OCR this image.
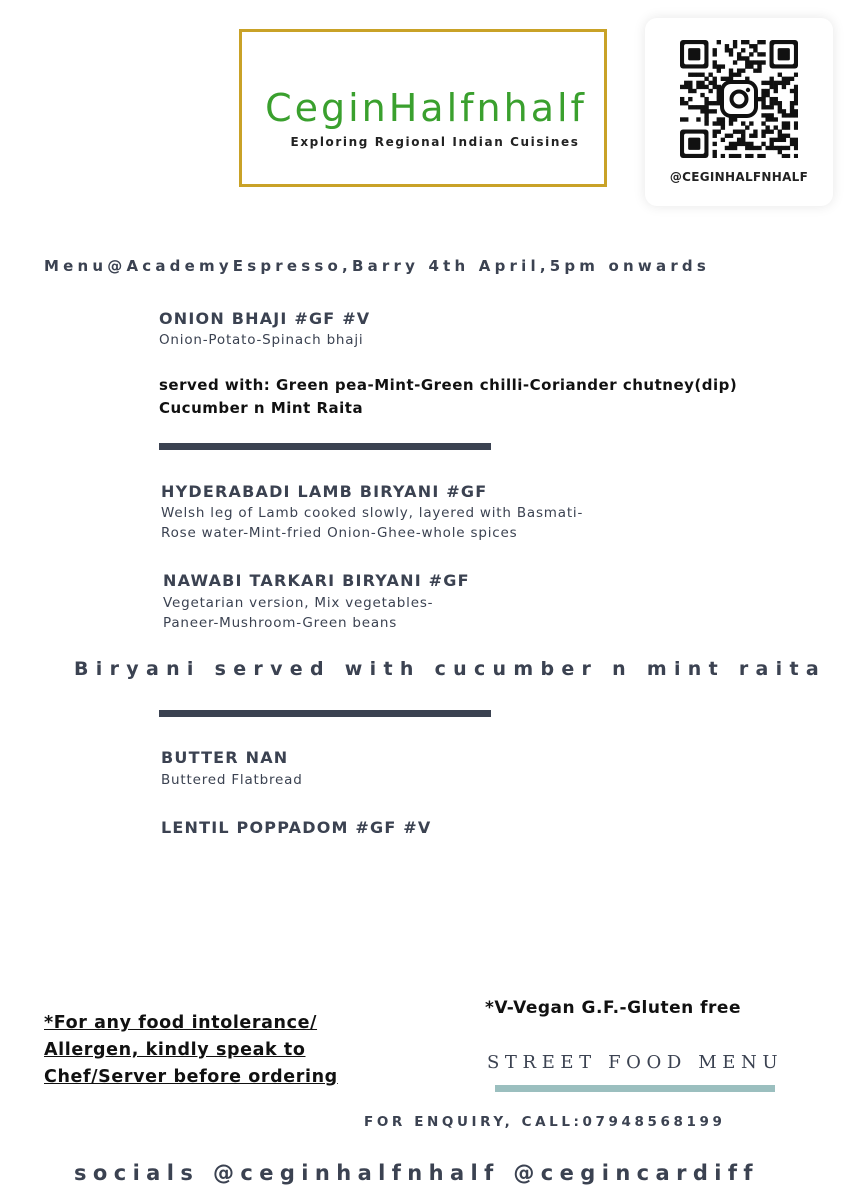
CeginHalfnhalf
Exploring Regional Indian Cuisines
@CEGINHALFNHALF
Menu@AcademyEspresso,Barry 4th April,5pm onwards
ONION BHAJI #GF #V
Onion-Potato-Spinach bhaji
served with: Green pea-Mint-Green chilli-Coriander chutney(dip)
Cucumber n Mint Raita
HYDERABADI LAMB BIRYANI #GF
Welsh leg of Lamb cooked slowly, layered with Basmati-
Rose water-Mint-fried Onion-Ghee-whole spices
NAWABI TARKARI BIRYANI #GF
Vegetarian version, Mix vegetables-
Paneer-Mushroom-Green beans
Biryani served with cucumber n mint raita
BUTTER NAN
Buttered Flatbread
LENTIL POPPADOM #GF #V
*For any food intolerance/
Allergen, kindly speak to
Chef/Server before ordering
*V-Vegan G.F.-Gluten free
STREET FOOD MENU
FOR ENQUIRY, CALL:07948568199
socials @ceginhalfnhalf @cegincardiff
